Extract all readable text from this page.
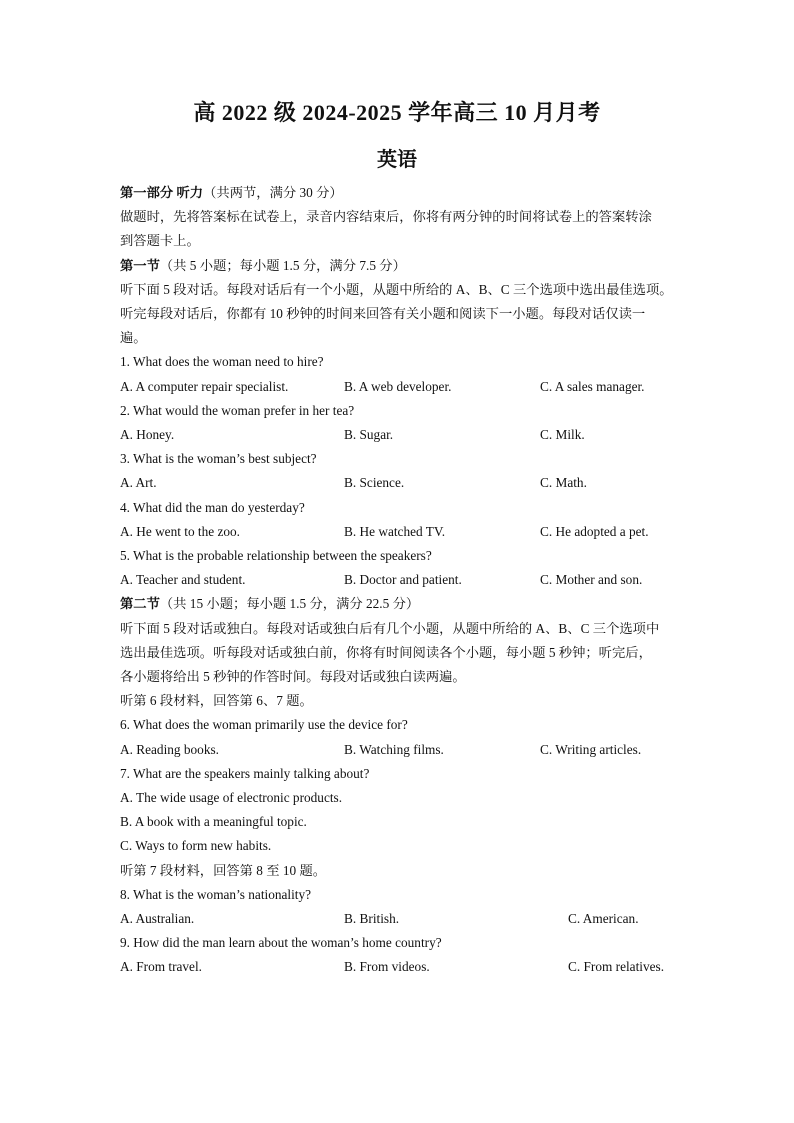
高 2022 级 2024-2025 学年高三 10 月月考
英语
第一部分 听力（共两节，满分 30 分）
做题时，先将答案标在试卷上，录音内容结束后，你将有两分钟的时间将试卷上的答案转涂
到答题卡上。
第一节（共 5 小题；每小题 1.5 分，满分 7.5 分）
听下面 5 段对话。每段对话后有一个小题，从题中所给的 A、B、C 三个选项中选出最佳选项。
听完每段对话后，你都有 10 秒钟的时间来回答有关小题和阅读下一小题。每段对话仅读一
遍。
1. What does the woman need to hire?
A. A computer repair specialist.	B. A web developer.	C. A sales manager.
2. What would the woman prefer in her tea?
A. Honey.	B. Sugar.	C. Milk.
3. What is the woman’s best subject?
A. Art.	B. Science.	C. Math.
4. What did the man do yesterday?
A. He went to the zoo.	B. He watched TV.	C. He adopted a pet.
5. What is the probable relationship between the speakers?
A. Teacher and student.	B. Doctor and patient.	C. Mother and son.
第二节（共 15 小题；每小题 1.5 分，满分 22.5 分）
听下面 5 段对话或独白。每段对话或独白后有几个小题，从题中所给的 A、B、C 三个选项中
选出最佳选项。听每段对话或独白前，你将有时间阅读各个小题，每小题 5 秒钟；听完后，
各小题将给出 5 秒钟的作答时间。每段对话或独白读两遍。
听第 6 段材料，回答第 6、7 题。
6. What does the woman primarily use the device for?
A. Reading books.	B. Watching films.	C. Writing articles.
7. What are the speakers mainly talking about?
A. The wide usage of electronic products.
B. A book with a meaningful topic.
C. Ways to form new habits.
听第 7 段材料，回答第 8 至 10 题。
8. What is the woman’s nationality?
A. Australian.	B. British.	C. American.
9. How did the man learn about the woman’s home country?
A. From travel.	B. From videos.	C. From relatives.
